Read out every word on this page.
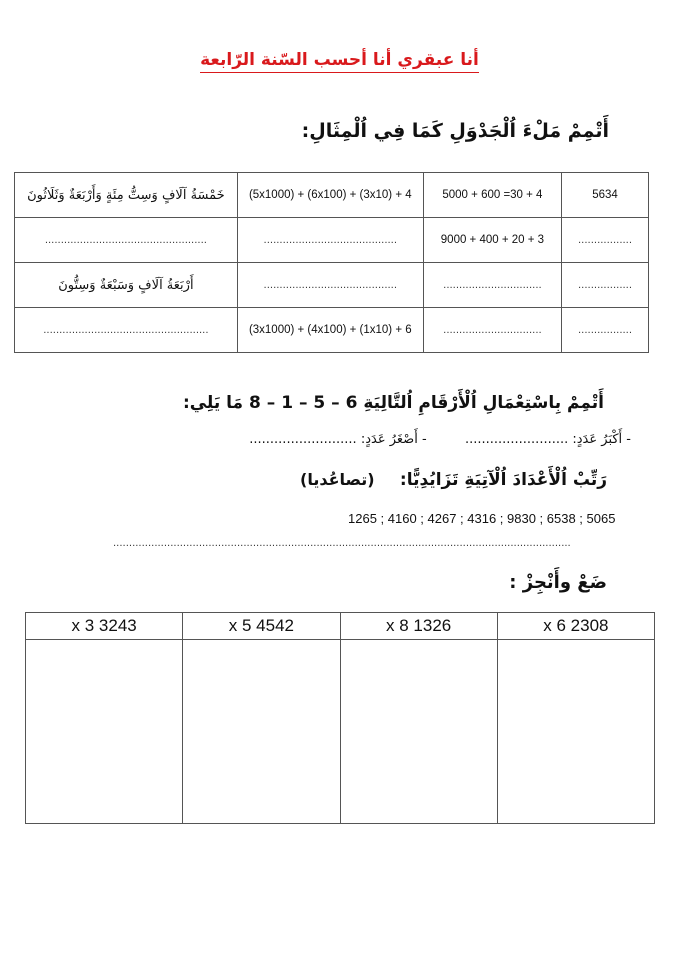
أنا عبقري أنا أحسب السّنة الرّابعة
أَتْمِمْ مَلْءَ اُلْجَدْوَلِ كَمَا فِي اُلْمِثَالِ:
5634	5000 + 600 =30 + 4	(5x1000) + (6x100) + (3x10) + 4	خَمْسَةُ آلَافٍ وَسِتُّ مِئَةٍ وَأَرْبَعَةٌ وَثَلَاثُونَ
.................	9000 + 400 + 20 + 3	..........................................	...................................................
.................	...............................	..........................................	أَرْبَعَةُ آلَافٍ وَسَبْعَةٌ وَسِتُّونَ
.................	...............................	(3x1000) + (4x100) + (1x10) + 6	....................................................
أَتْمِمْ بِاسْتِعْمَالِ اُلْأَرْقَامِ اُلتَّالِيَةِ 6 – 5 – 1 – 8 مَا يَلِي:
- أَكْبَرُ عَدَدٍ: .........................  - أَصْغَرُ عَدَدٍ: ..........................
رَتِّبْ اُلْأَعْدَادَ اُلْآتِيَةِ تَزَايُدِيًّا:
(تصاعُديا)
1265 ; 4160 ; 4267 ; 4316 ; 9830 ; 6538 ; 5065
................................................................................................................................................
ضَعْ وأَنْجِزْ :
2308 x 6	1326 x 8	4542 x 5	3243 x 3
